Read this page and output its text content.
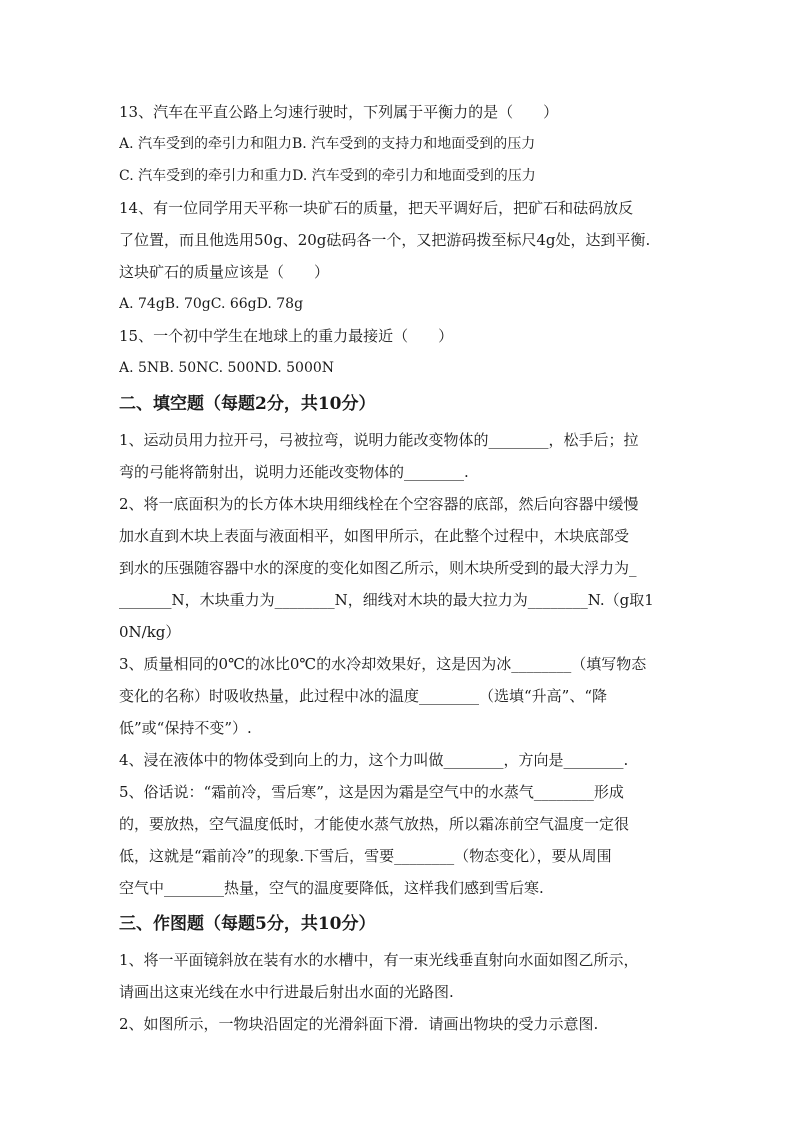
13、汽车在平直公路上匀速行驶时，下列属于平衡力的是（　　）
A. 汽车受到的牵引力和阻力B. 汽车受到的支持力和地面受到的压力
C. 汽车受到的牵引力和重力D. 汽车受到的牵引力和地面受到的压力
14、有一位同学用天平称一块矿石的质量，把天平调好后，把矿石和砝码放反
了位置，而且他选用50g、20g砝码各一个，又把游码拨至标尺4g处，达到平衡.
这块矿石的质量应该是（　　）
A. 74gB. 70gC. 66gD. 78g
15、一个初中学生在地球上的重力最接近（　　）
A. 5NB. 50NC. 500ND. 5000N
二、填空题（每题2分，共10分）
1、运动员用力拉开弓，弓被拉弯，说明力能改变物体的________，松手后；拉
弯的弓能将箭射出，说明力还能改变物体的________.
2、将一底面积为的长方体木块用细线栓在个空容器的底部，然后向容器中缓慢
加水直到木块上表面与液面相平，如图甲所示，在此整个过程中，木块底部受
到水的压强随容器中水的深度的变化如图乙所示，则木块所受到的最大浮力为_
_______N，木块重力为________N，细线对木块的最大拉力为________N.（g取1
0N/kg）
3、质量相同的0℃的冰比0℃的水冷却效果好，这是因为冰________（填写物态
变化的名称）时吸收热量，此过程中冰的温度________（选填“升高”、“降
低”或“保持不变”）.
4、浸在液体中的物体受到向上的力，这个力叫做________，方向是________.
5、俗话说：“霜前冷，雪后寒”，这是因为霜是空气中的水蒸气________形成
的，要放热，空气温度低时，才能使水蒸气放热，所以霜冻前空气温度一定很
低，这就是“霜前冷”的现象.下雪后，雪要________（物态变化），要从周围
空气中________热量，空气的温度要降低，这样我们感到雪后寒.
三、作图题（每题5分，共10分）
1、将一平面镜斜放在装有水的水槽中，有一束光线垂直射向水面如图乙所示，
请画出这束光线在水中行进最后射出水面的光路图.
2、如图所示，一物块沿固定的光滑斜面下滑．请画出物块的受力示意图.
